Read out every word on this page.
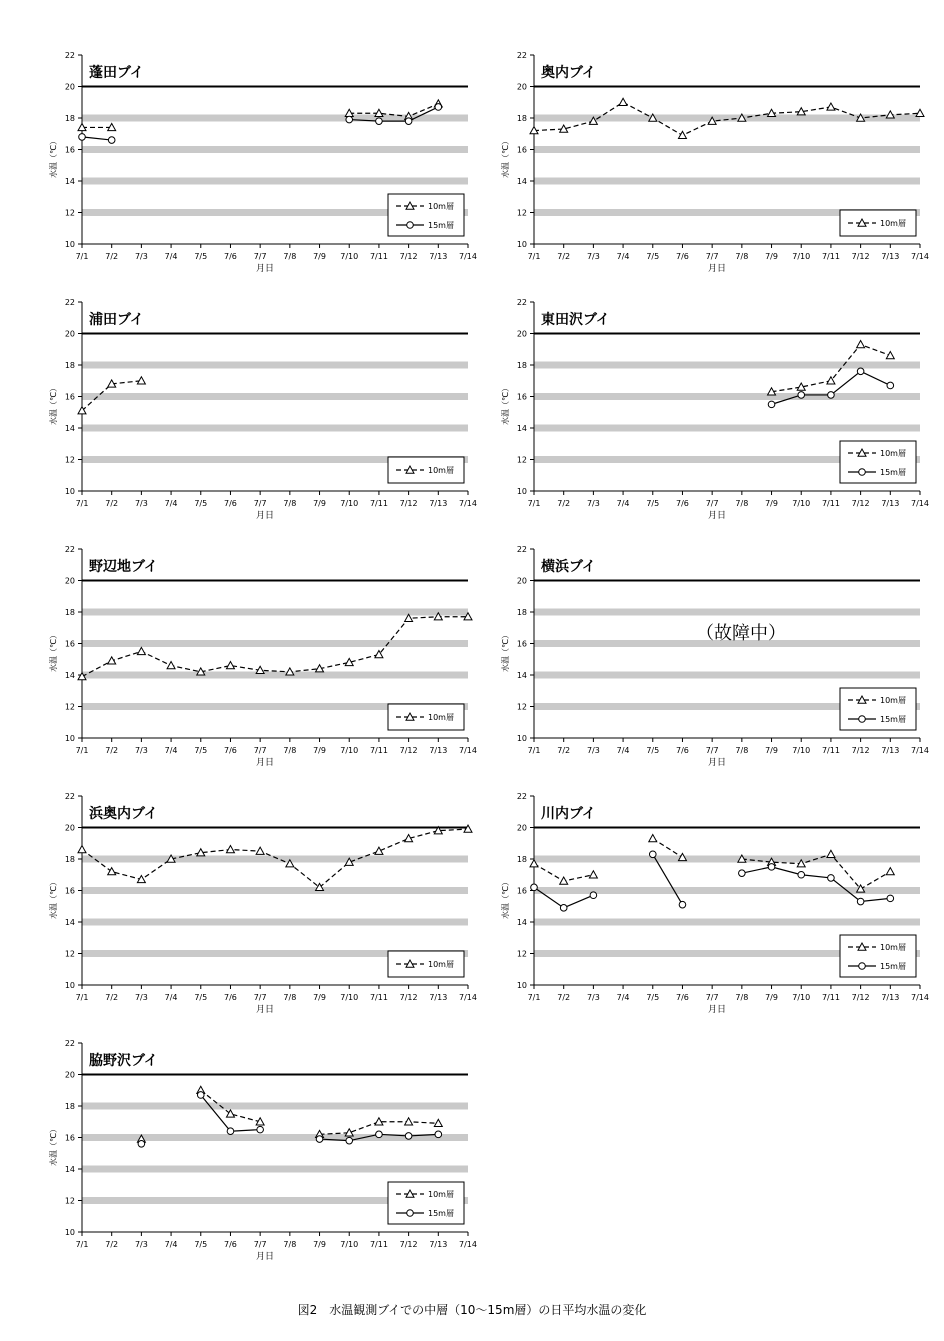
10
12
14
16
18
20
22
7/1 7/2 7/3 7/4 7/5 7/6 7/7 7/8 7/9 7/10 7/11 7/12 7/13 7/14
月日
水温（℃）
蓬田ブイ
10m層
15m層
10
12
14
16
18
20
22
7/1 7/2 7/3 7/4 7/5 7/6 7/7 7/8 7/9 7/10 7/11 7/12 7/13 7/14
月日
水温（℃）
奥内ブイ
10m層
10
12
14
16
18
20
22
7/1 7/2 7/3 7/4 7/5 7/6 7/7 7/8 7/9 7/10 7/11 7/12 7/13 7/14
月日
水温（℃）
浦田ブイ
10m層
10
12
14
16
18
20
22
7/1 7/2 7/3 7/4 7/5 7/6 7/7 7/8 7/9 7/10 7/11 7/12 7/13 7/14
月日
水温（℃）
東田沢ブイ
10m層
15m層
10
12
14
16
18
20
22
7/1 7/2 7/3 7/4 7/5 7/6 7/7 7/8 7/9 7/10 7/11 7/12 7/13 7/14
月日
水温（℃）
野辺地ブイ
10m層
10
12
14
16
18
20
22
7/1 7/2 7/3 7/4 7/5 7/6 7/7 7/8 7/9 7/10 7/11 7/12 7/13 7/14
月日
水温（℃）
横浜ブイ
（故障中）
10m層
15m層
10
12
14
16
18
20
22
7/1 7/2 7/3 7/4 7/5 7/6 7/7 7/8 7/9 7/10 7/11 7/12 7/13 7/14
月日
水温（℃）
浜奥内ブイ
10m層
10
12
14
16
18
20
22
7/1 7/2 7/3 7/4 7/5 7/6 7/7 7/8 7/9 7/10 7/11 7/12 7/13 7/14
月日
水温（℃）
川内ブイ
10m層
15m層
10
12
14
16
18
20
22
7/1 7/2 7/3 7/4 7/5 7/6 7/7 7/8 7/9 7/10 7/11 7/12 7/13 7/14
月日
水温（℃）
脇野沢ブイ
10m層
15m層
図2　水温観測ブイでの中層（10～15m層）の日平均水温の変化
